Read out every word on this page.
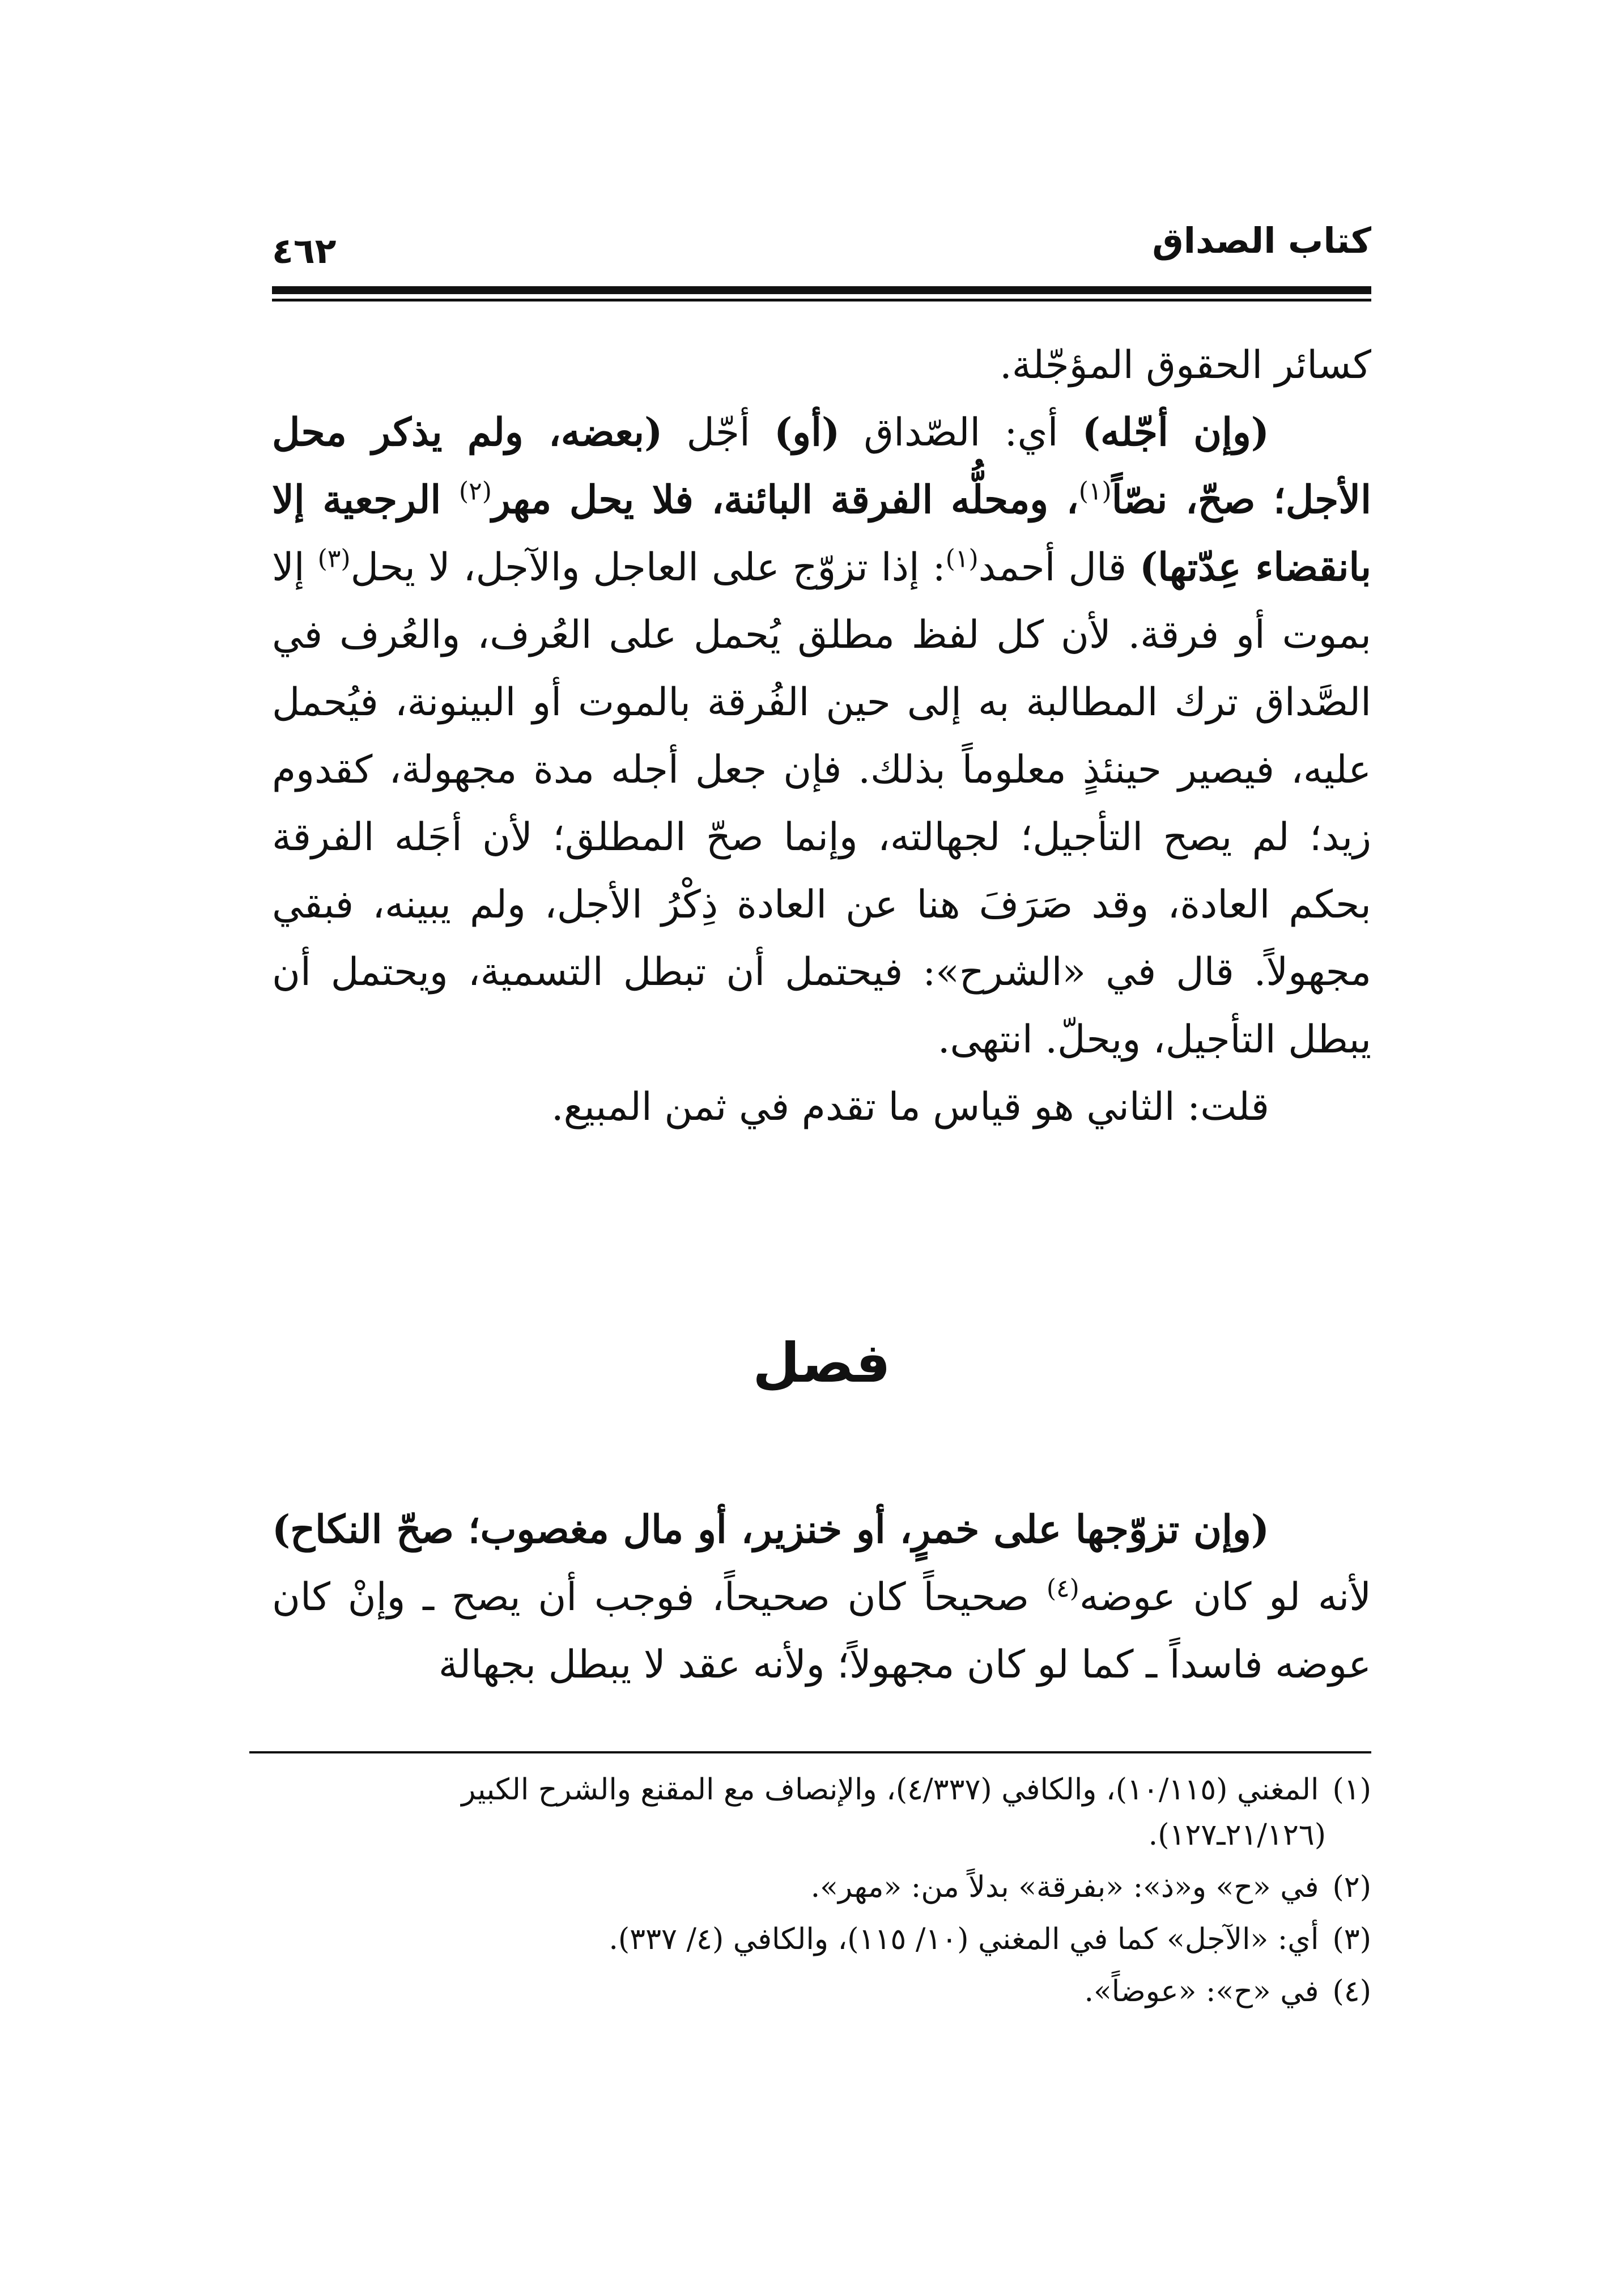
كتاب الصداق
٤٦٢

كسائر الحقوق المؤجّلة.

(وإن أجّله) أي: الصّداق (أو) أجّل (بعضه، ولم يذكر محل الأجل؛ صحّ، نصّاً$^{(١)}$، ومحلُّه الفرقة البائنة، فلا يحل مهر$^{(٢)}$ الرجعية إلا بانقضاء عِدّتها) قال أحمد$^{(١)}$: إذا تزوّج على العاجل والآجل، لا يحل$^{(٣)}$ إلا بموت أو فرقة. لأن كل لفظ مطلق يُحمل على العُرف، والعُرف في الصَّداق ترك المطالبة به إلى حين الفُرقة بالموت أو البينونة، فيُحمل عليه، فيصير حينئذٍ معلوماً بذلك. فإن جعل أجله مدة مجهولة، كقدوم زيد؛ لم يصح التأجيل؛ لجهالته، وإنما صحّ المطلق؛ لأن أجَله الفرقة بحكم العادة، وقد صَرَفَ هنا عن العادة ذِكْرُ الأجل، ولم يبينه، فبقي مجهولاً. قال في «الشرح»: فيحتمل أن تبطل التسمية، ويحتمل أن يبطل التأجيل، ويحلّ. انتهى.

قلت: الثاني هو قياس ما تقدم في ثمن المبيع.

فصل

(وإن تزوّجها على خمرٍ، أو خنزير، أو مال مغصوب؛ صحّ النكاح) لأنه لو كان عوضه$^{(٤)}$ صحيحاً كان صحيحاً، فوجب أن يصح ـ وإنْ كان عوضه فاسداً ـ كما لو كان مجهولاً؛ ولأنه عقد لا يبطل بجهالة

(١)المغني (١٠/١١٥)، والكافي (٤/٣٣٧)، والإنصاف مع المقنع والشرح الكبير
(٢١/١٢٦ـ١٢٧).

(٢)في «ح» و«ذ»: «بفرقة» بدلاً من: «مهر».

(٣)أي: «الآجل» كما في المغني (١٠/ ١١٥)، والكافي (٤/ ٣٣٧).

(٤)في «ح»: «عوضاً».
